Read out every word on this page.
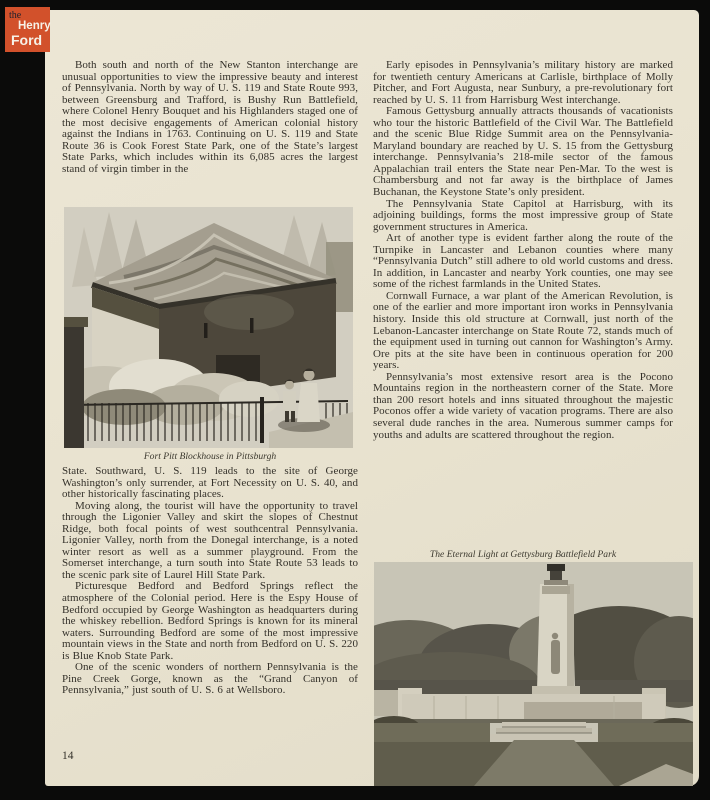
the
Henry
Ford

Both south and north of the New Stanton interchange are unusual opportunities to view the impressive beauty and interest of Pennsylvania. North by way of U. S. 119 and State Route 993, between Greensburg and Trafford, is Bushy Run Battlefield, where Colonel Henry Bouquet and his Highlanders staged one of the most decisive engagements of American colonial history against the Indians in 1763. Continuing on U. S. 119 and State Route 36 is Cook Forest State Park, one of the State’s largest State Parks, which includes within its 6,085 acres the largest stand of virgin timber in the

Fort Pitt Blockhouse in Pittsburgh

State. Southward, U. S. 119 leads to the site of George Washington’s only surrender, at Fort Necessity on U. S. 40, and other historically fascinating places.

Moving along, the tourist will have the opportunity to travel through the Ligonier Valley and skirt the slopes of Chestnut Ridge, both focal points of west southcentral Pennsylvania. Ligonier Valley, north from the Donegal interchange, is a noted winter resort as well as a summer playground. From the Somerset interchange, a turn south into State Route 53 leads to the scenic park site of Laurel Hill State Park.

Picturesque Bedford and Bedford Springs reflect the atmosphere of the Colonial period. Here is the Espy House of Bedford occupied by George Washington as headquarters during the whiskey rebellion. Bedford Springs is known for its mineral waters. Surrounding Bedford are some of the most impressive mountain views in the State and north from Bedford on U. S. 220 is Blue Knob State Park.

One of the scenic wonders of northern Pennsylvania is the Pine Creek Gorge, known as the “Grand Canyon of Pennsylvania,” just south of U. S. 6 at Wellsboro.

Early episodes in Pennsylvania’s military history are marked for twentieth century Americans at Carlisle, birthplace of Molly Pitcher, and Fort Augusta, near Sunbury, a pre-revolutionary fort reached by U. S. 11 from Harrisburg West interchange.

Famous Gettysburg annually attracts thousands of vacationists who tour the historic Battlefield of the Civil War. The Battlefield and the scenic Blue Ridge Summit area on the Pennsylvania-Maryland boundary are reached by U. S. 15 from the Gettysburg interchange. Pennsylvania’s 218-mile sector of the famous Appalachian trail enters the State near Pen-Mar. To the west is Chambersburg and not far away is the birthplace of James Buchanan, the Keystone State’s only president.

The Pennsylvania State Capitol at Harrisburg, with its adjoining buildings, forms the most impressive group of State government structures in America.

Art of another type is evident farther along the route of the Turnpike in Lancaster and Lebanon counties where many “Pennsylvania Dutch” still adhere to old world customs and dress. In addition, in Lancaster and nearby York counties, one may see some of the richest farmlands in the United States.

Cornwall Furnace, a war plant of the American Revolution, is one of the earlier and more important iron works in Pennsylvania history. Inside this old structure at Cornwall, just north of the Lebanon-Lancaster interchange on State Route 72, stands much of the equipment used in turning out cannon for Washington’s Army. Ore pits at the site have been in continuous operation for 200 years.

Pennsylvania’s most extensive resort area is the Pocono Mountains region in the northeastern corner of the State. More than 200 resort hotels and inns situated throughout the majestic Poconos offer a wide variety of vacation programs. There are also several dude ranches in the area. Numerous summer camps for youths and adults are scattered throughout the region.

The Eternal Light at Gettysburg Battlefield Park
14
